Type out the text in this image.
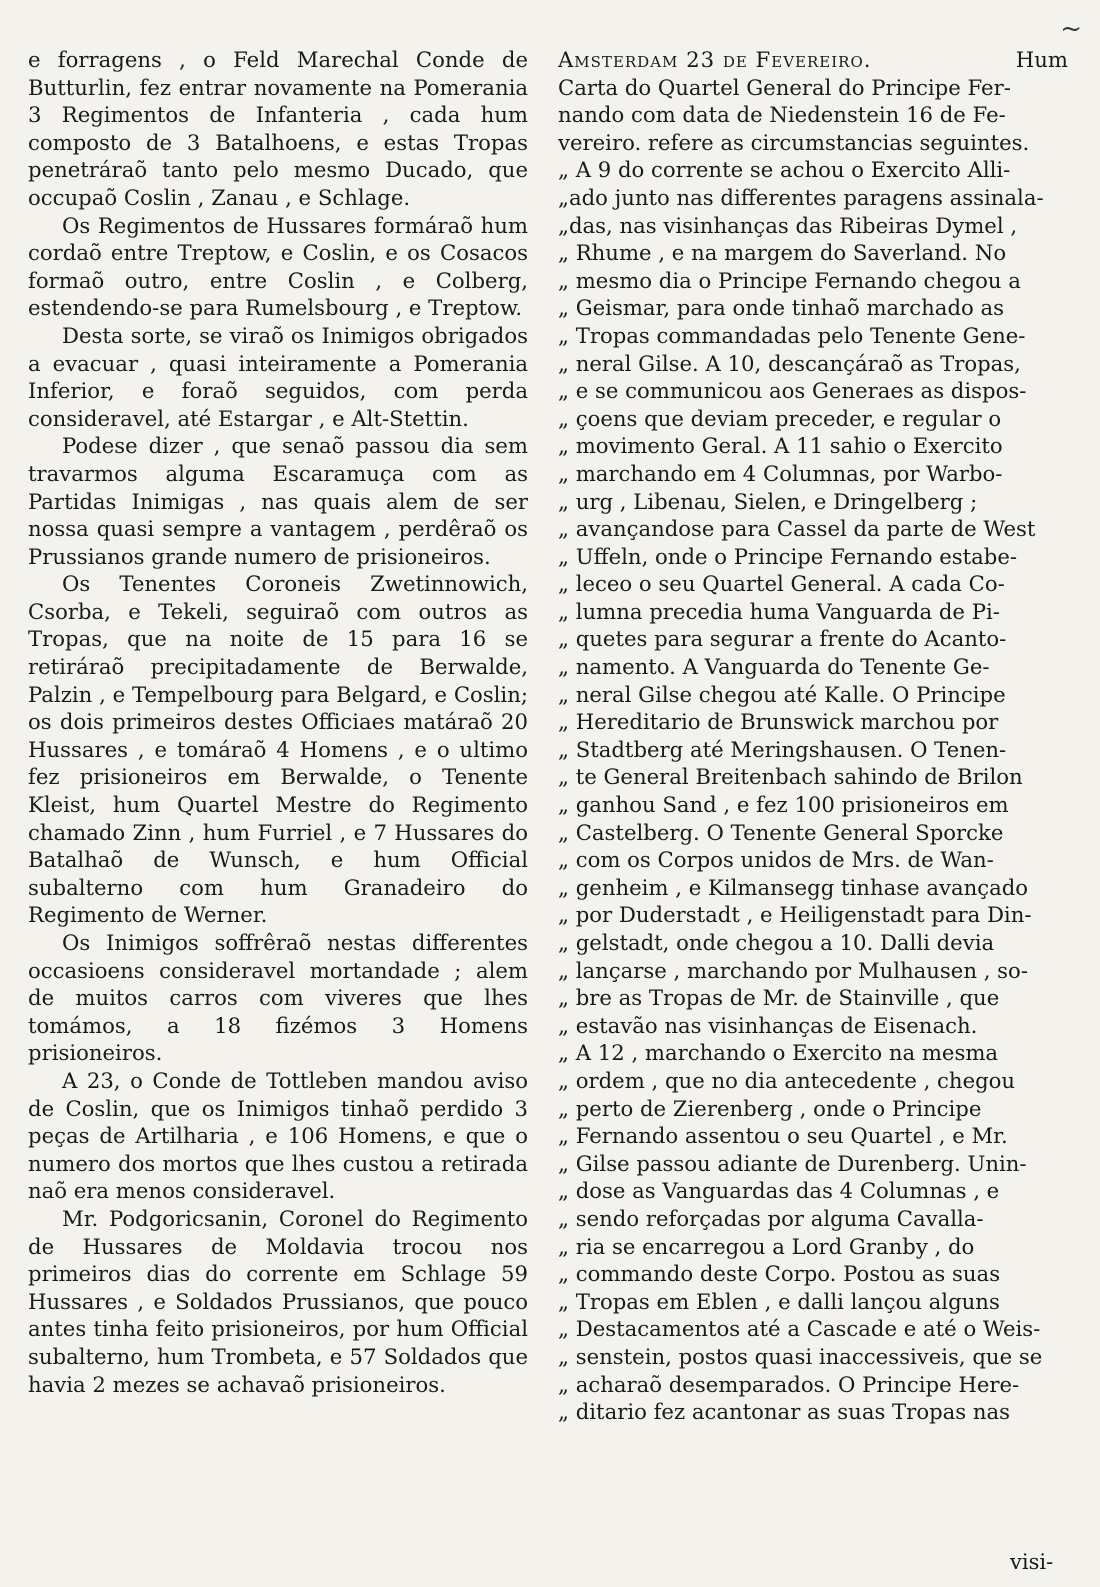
~

e forragens , o Feld Marechal Conde de Butturlin, fez entrar novamente na Pomerania 3 Regimentos de Infanteria , cada hum composto de 3 Batalhoens, e estas Tropas penetráraõ tanto pelo mesmo Ducado, que occupaõ Coslin , Zanau , e Schlage.

Os Regimentos de Hussares formáraõ hum cordaõ entre Treptow, e Coslin, e os Cosacos formaõ outro, entre Coslin , e Colberg, estendendo-se para Rumelsbourg , e Treptow.

Desta sorte, se viraõ os Inimigos obrigados a evacuar , quasi inteiramente a Pomerania Inferior, e foraõ seguidos, com perda consideravel, até Estargar , e Alt-Stettin.

Podese dizer , que senaõ passou dia sem travarmos alguma Escaramuça com as Partidas Inimigas , nas quais alem de ser nossa quasi sempre a vantagem , perdêraõ os Prussianos grande numero de prisioneiros.

Os Tenentes Coroneis Zwetinnowich, Csorba, e Tekeli, seguiraõ com outros as Tropas, que na noite de 15 para 16 se retiráraõ precipitadamente de Berwalde, Palzin , e Tempelbourg para Belgard, e Coslin; os dois primeiros destes Officiaes matáraõ 20 Hussares , e tomáraõ 4 Homens , e o ultimo fez prisioneiros em Berwalde, o Tenente Kleist, hum Quartel Mestre do Regimento chamado Zinn , hum Furriel , e 7 Hussares do Batalhaõ de Wunsch, e hum Official subalterno com hum Granadeiro do Regimento de Werner.

Os Inimigos soffrêraõ nestas differentes occasioens consideravel mortandade ; alem de muitos carros com viveres que lhes tomámos, a 18 fizémos 3 Homens prisioneiros.

A 23, o Conde de Tottleben mandou aviso de Coslin, que os Inimigos tinhaõ perdido 3 peças de Artilharia , e 106 Homens, e que o numero dos mortos que lhes custou a retirada naõ era menos consideravel.

Mr. Podgoricsanin, Coronel do Regimento de Hussares de Moldavia trocou nos primeiros dias do corrente em Schlage 59 Hussares , e Soldados Prussianos, que pouco antes tinha feito prisioneiros, por hum Official subalterno, hum Trombeta, e 57 Soldados que havia 2 mezes se achavaõ prisioneiros.

Amsterdam 23 de Fevereiro.	Hum
Carta do Quartel General do Principe Fer-
nando com data de Niedenstein 16 de Fe-
vereiro. refere as circumstancias seguintes.
„ A 9 do corrente se achou o Exercito Alli-
„ado junto nas differentes paragens assinala-
„das, nas visinhanças das Ribeiras Dymel ,
„ Rhume , e na margem do Saverland. No
„ mesmo dia o Principe Fernando chegou a
„ Geismar, para onde tinhaõ marchado as
„ Tropas commandadas pelo Tenente Gene-
„ neral Gilse. A 10, descançáraõ as Tropas,
„ e se communicou aos Generaes as dispos-
„ çoens que deviam preceder, e regular o
„ movimento Geral. A 11 sahio o Exercito
„ marchando em 4 Columnas, por Warbo-
„ urg , Libenau, Sielen, e Dringelberg ;
„ avançandose para Cassel da parte de West
„ Uffeln, onde o Principe Fernando estabe-
„ leceo o seu Quartel General. A cada Co-
„ lumna precedia huma Vanguarda de Pi-
„ quetes para segurar a frente do Acanto-
„ namento. A Vanguarda do Tenente Ge-
„ neral Gilse chegou até Kalle. O Principe
„ Hereditario de Brunswick marchou por
„ Stadtberg até Meringshausen. O Tenen-
„ te General Breitenbach sahindo de Brilon
„ ganhou Sand , e fez 100 prisioneiros em
„ Castelberg. O Tenente General Sporcke
„ com os Corpos unidos de Mrs. de Wan-
„ genheim , e Kilmansegg tinhase avançado
„ por Duderstadt , e Heiligenstadt para Din-
„ gelstadt, onde chegou a 10. Dalli devia
„ lançarse , marchando por Mulhausen , so-
„ bre as Tropas de Mr. de Stainville , que
„ estavão nas visinhanças de Eisenach.
„ A 12 , marchando o Exercito na mesma
„ ordem , que no dia antecedente , chegou
„ perto de Zierenberg , onde o Principe
„ Fernando assentou o seu Quartel , e Mr.
„ Gilse passou adiante de Durenberg. Unin-
„ dose as Vanguardas das 4 Columnas , e
„ sendo reforçadas por alguma Cavalla-
„ ria se encarregou a Lord Granby , do
„ commando deste Corpo. Postou as suas
„ Tropas em Eblen , e dalli lançou alguns
„ Destacamentos até a Cascade e até o Weis-
„ senstein, postos quasi inaccessiveis, que se
„ acharaõ desemparados. O Principe Here-
„ ditario fez acantonar as suas Tropas nas
visi-
